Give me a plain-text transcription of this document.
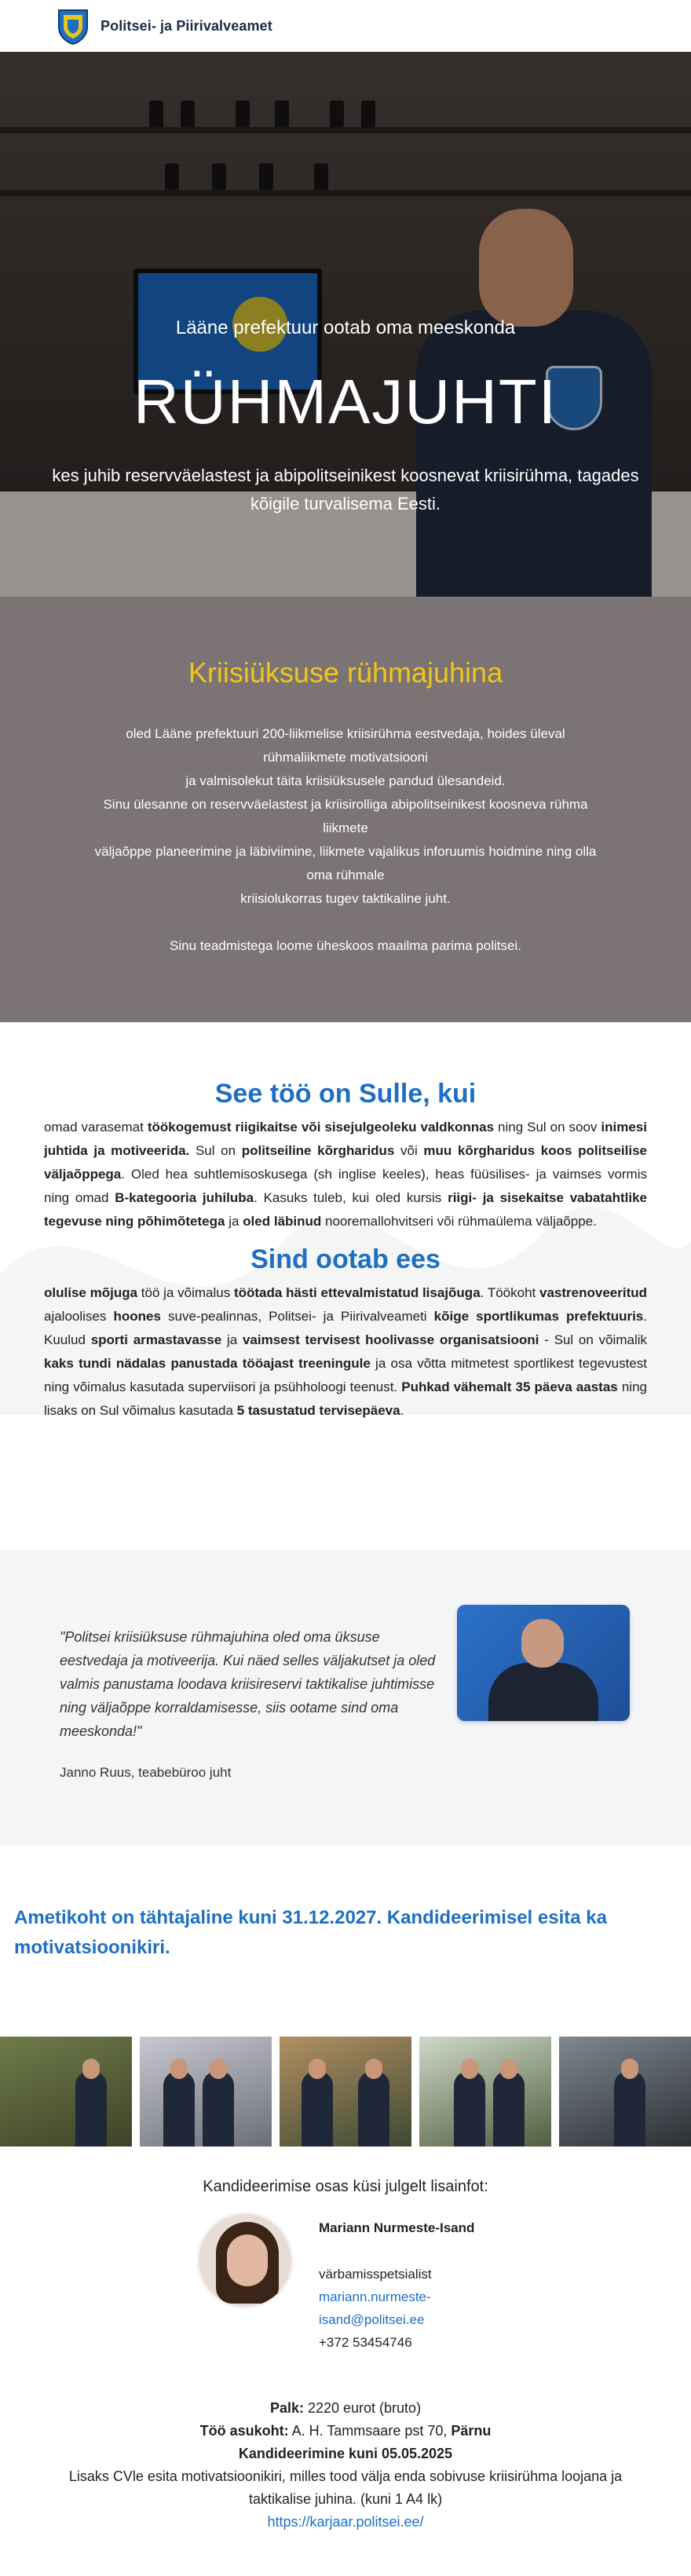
Politsei- ja Piirivalveamet
Lääne prefektuur ootab oma meeskonda
RÜHMAJUHTI
kes juhib reservväelastest ja abipolitseinikest koosnevat kriisirühma, tagades kõigile turvalisema Eesti.
Kriisiüksuse rühmajuhina
oled Lääne prefektuuri 200-liikmelise kriisirühma eestvedaja, hoides üleval
rühmaliikmete motivatsiooni
ja valmisolekut täita kriisiüksusele pandud ülesandeid.
Sinu ülesanne on reservväelastest ja kriisirolliga abipolitseinikest koosneva rühma
liikmete
väljaõppe planeerimine ja läbiviimine, liikmete vajalikus inforuumis hoidmine ning olla
oma rühmale
kriisiolukorras tugev taktikaline juht.
Sinu teadmistega loome üheskoos maailma parima politsei.
See töö on Sulle, kui

omad varasemat töökogemust riigikaitse või sisejulgeoleku valdkonnas ning Sul on soov inimesi juhtida ja motiveerida. Sul on politseiline kõrgharidus või muu kõrgharidus koos politseilise väljaõppega. Oled hea suhtlemisoskusega (sh inglise keeles), heas füüsilises- ja vaimses vormis ning omad B-kategooria juhiluba. Kasuks tuleb, kui oled kursis riigi- ja sisekaitse vabatahtlike tegevuse ning põhimõtetega ja oled läbinud nooremallohvitseri või rühmaülema väljaõppe.

Sind ootab ees

olulise mõjuga töö ja võimalus töötada hästi ettevalmistatud lisajõuga. Töökoht vastrenoveeritud ajaloolises hoones suve-pealinnas, Politsei- ja Piirivalveameti kõige sportlikumas prefektuuris. Kuulud sporti armastavasse ja vaimsest tervisest hoolivasse organisatsiooni - Sul on võimalik kaks tundi nädalas panustada tööajast treeningule ja osa võtta mitmetest sportlikest tegevustest ning võimalus kasutada superviisori ja psühholoogi teenust. Puhkad vähemalt 35 päeva aastas ning lisaks on Sul võimalus kasutada 5 tasustatud tervisepäeva.

"Politsei kriisiüksuse rühmajuhina oled oma üksuse eestvedaja ja motiveerija. Kui näed selles väljakutset ja oled valmis panustama loodava kriisireservi taktikalise juhtimisse ning väljaõppe korraldamisesse, siis ootame sind oma meeskonda!"
Janno Ruus, teabebüroo juht
Ametikoht on tähtajaline kuni 31.12.2027. Kandideerimisel esita ka motivatsioonikiri.
Kandideerimise osas küsi julgelt lisainfot:
Mariann Nurmeste-Isand
värbamisspetsialist
mariann.nurmeste-
isand@politsei.ee
+372 53454746
Palk: 2220 eurot (bruto)
Töö asukoht: A. H. Tammsaare pst 70, Pärnu
Kandideerimine kuni 05.05.2025
Lisaks CVle esita motivatsioonikiri, milles tood välja enda sobivuse kriisirühma loojana ja
taktikalise juhina. (kuni 1 A4 lk)
https://karjaar.politsei.ee/
